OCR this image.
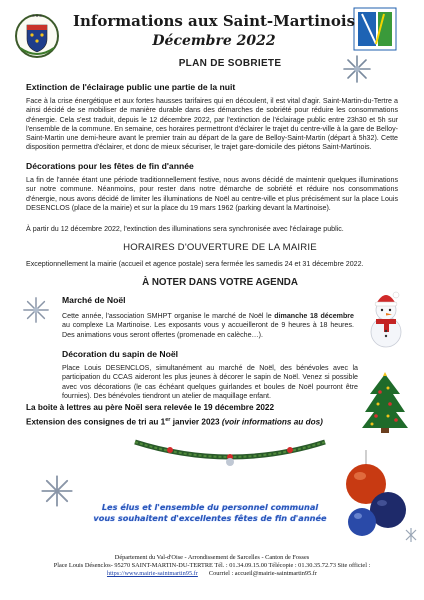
★★★ Informations aux Saint-Martinois
Décembre 2022
PLAN DE SOBRIETE
Extinction de l'éclairage public une partie de la nuit
Face à la crise énergétique et aux fortes hausses tarifaires qui en découlent, il est vital d'agir. Saint-Martin-du-Tertre a ainsi décidé de se mobiliser de manière durable dans des démarches de sobriété pour réduire les consommations d'énergie. Cela s'est traduit, depuis le 12 décembre 2022, par l'extinction de l'éclairage public entre 23h30 et 5h sur l'ensemble de la commune. En semaine, ces horaires permettront d'éclairer le trajet du centre-ville à la gare de Belloy-Saint-Martin une demi-heure avant le premier train au départ de la gare de Belloy-Saint-Martin (départ à 5h32). Cette disposition permettra d'éclairer, et donc de mieux sécuriser, le trajet gare-domicile des piétons Saint-Martinois.
Décorations pour les fêtes de fin d'année
La fin de l'année étant une période traditionnellement festive, nous avons décidé de maintenir quelques illuminations sur notre commune. Néanmoins, pour rester dans notre démarche de sobriété et réduire nos consommations d'énergie, nous avons décidé de limiter les illuminations de Noël au centre-ville et plus précisément sur la place Louis DESENCLOS (place de la mairie) et sur la place du 19 mars 1962 (parking devant la Martinoise).
À partir du 12 décembre 2022, l'extinction des illuminations sera synchronisée avec l'éclairage public.
HORAIRES D'OUVERTURE DE LA MAIRIE
Exceptionnellement la mairie (accueil et agence postale) sera fermée les samedis 24 et 31 décembre 2022.
À NOTER DANS VOTRE AGENDA
Marché de Noël
Cette année, l'association SMHPT organise le marché de Noël le dimanche 18 décembre au complexe La Martinoise. Les exposants vous y accueilleront de 9 heures à 18 heures. Des animations vous seront offertes (promenade en calèche…).
Décoration du sapin de Noël
Place Louis DESENCLOS, simultanément au marché de Noël, des bénévoles avec la participation du CCAS aideront les plus jeunes à décorer le sapin de Noël. Venez si possible avec vos décorations (le cas échéant quelques guirlandes et boules de Noël pourront être fournies). Des bénévoles tiendront un atelier de maquillage enfant.
La boite à lettres au père Noël sera relevée le 19 décembre 2022
Extension des consignes de tri au 1er janvier 2023 (voir informations au dos)
Les élus et l'ensemble du personnel communal
vous souhaitent d'excellentes fêtes de fin d'année
Département du Val-d'Oise - Arrondissement de Sarcelles - Canton de Fosses
Place Louis Désenclos- 95270 SAINT-MARTIN-DU-TERTRE Tél. : 01.34.09.15.00 Télécopie : 01.30.35.72.73 Site officiel :
https://www.mairie-saintmartin95.fr Courriel : accueil@mairie-saintmartin95.fr
